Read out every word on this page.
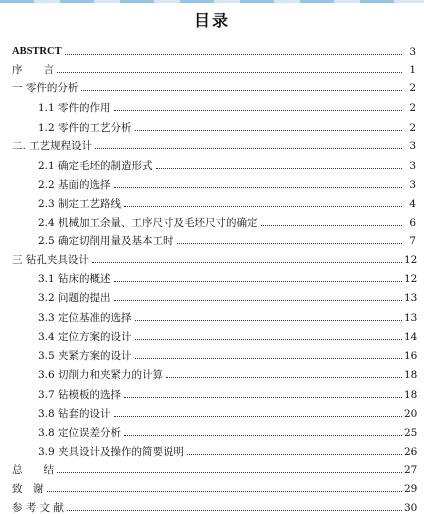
目录
ABSTRCT	3
序　　言	1
一 零件的分析	2
1.1 零件的作用	2
1.2 零件的工艺分析	2
二. 工艺规程设计	3
2.1 确定毛坯的制造形式	3
2.2 基面的选择	3
2.3 制定工艺路线	4
2.4 机械加工余量、工序尺寸及毛坯尺寸的确定	6
2.5 确定切削用量及基本工时	7
三 钻孔夹具设计	12
3.1 钻床的概述	12
3.2 问题的提出	13
3.3 定位基准的选择	13
3.4 定位方案的设计	14
3.5 夹紧方案的设计	16
3.6 切削力和夹紧力的计算	18
3.7 钻模板的选择	18
3.8 钻套的设计	20
3.8 定位误差分析	25
3.9 夹具设计及操作的简要说明	26
总　　结	27
致　谢	29
参 考 文 献	30
